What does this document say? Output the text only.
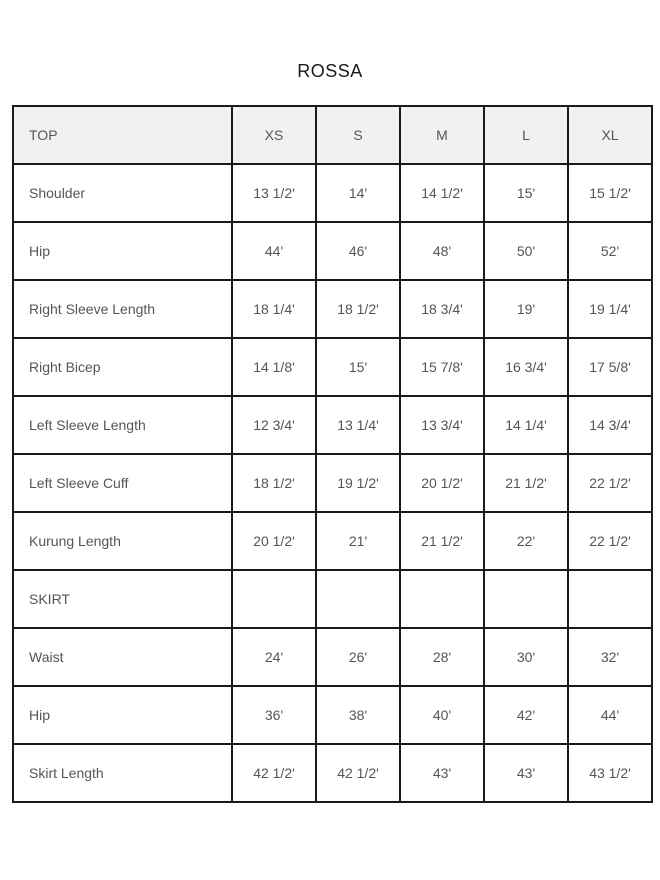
ROSSA
TOP	XS	S	M	L	XL
Shoulder	13 1/2'	14'	14 1/2'	15'	15 1/2'
Hip	44'	46'	48'	50'	52'
Right Sleeve Length	18 1/4'	18 1/2'	18 3/4'	19'	19 1/4'
Right Bicep	14 1/8'	15'	15 7/8'	16 3/4'	17 5/8'
Left Sleeve Length	12 3/4'	13 1/4'	13 3/4'	14 1/4'	14 3/4'
Left Sleeve Cuff	18 1/2'	19 1/2'	20 1/2'	21 1/2'	22 1/2'
Kurung Length	20 1/2'	21'	21 1/2'	22'	22 1/2'
SKIRT					
Waist	24'	26'	28'	30'	32'
Hip	36'	38'	40'	42'	44'
Skirt Length	42 1/2'	42 1/2'	43'	43'	43 1/2'
